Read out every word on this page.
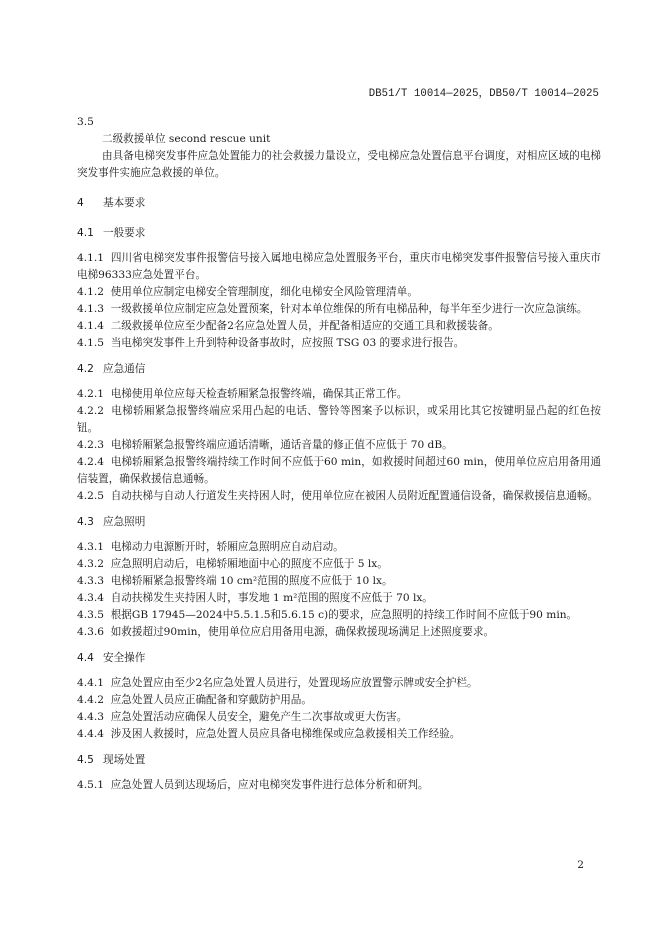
DB51/T 10014—2025，DB50/T 10014—2025
3.5
二级救援单位 second rescue unit
由具备电梯突发事件应急处置能力的社会救援力量设立，受电梯应急处置信息平台调度，对相应区域的电梯突发事件实施应急救援的单位。
4 基本要求
4.1 一般要求
4.1.1 四川省电梯突发事件报警信号接入属地电梯应急处置服务平台，重庆市电梯突发事件报警信号接入重庆市电梯96333应急处置平台。
4.1.2 使用单位应制定电梯安全管理制度，细化电梯安全风险管理清单。
4.1.3 一级救援单位应制定应急处置预案，针对本单位维保的所有电梯品种，每半年至少进行一次应急演练。
4.1.4 二级救援单位应至少配备2名应急处置人员，并配备相适应的交通工具和救援装备。
4.1.5 当电梯突发事件上升到特种设备事故时，应按照 TSG 03 的要求进行报告。
4.2 应急通信
4.2.1 电梯使用单位应每天检查轿厢紧急报警终端，确保其正常工作。
4.2.2 电梯轿厢紧急报警终端应采用凸起的电话、警铃等图案予以标识，或采用比其它按键明显凸起的红色按钮。
4.2.3 电梯轿厢紧急报警终端应通话清晰，通话音量的修正值不应低于 70 dB。
4.2.4 电梯轿厢紧急报警终端持续工作时间不应低于60 min，如救援时间超过60 min，使用单位应启用备用通信装置，确保救援信息通畅。
4.2.5 自动扶梯与自动人行道发生夹持困人时，使用单位应在被困人员附近配置通信设备，确保救援信息通畅。
4.3 应急照明
4.3.1 电梯动力电源断开时，轿厢应急照明应自动启动。
4.3.2 应急照明启动后，电梯轿厢地面中心的照度不应低于 5 lx。
4.3.3 电梯轿厢紧急报警终端 10 cm²范围的照度不应低于 10 lx。
4.3.4 自动扶梯发生夹持困人时，事发地 1 m²范围的照度不应低于 70 lx。
4.3.5 根据GB 17945—2024中5.5.1.5和5.6.15 c)的要求，应急照明的持续工作时间不应低于90 min。
4.3.6 如救援超过90min，使用单位应启用备用电源，确保救援现场满足上述照度要求。
4.4 安全操作
4.4.1 应急处置应由至少2名应急处置人员进行，处置现场应放置警示牌或安全护栏。
4.4.2 应急处置人员应正确配备和穿戴防护用品。
4.4.3 应急处置活动应确保人员安全，避免产生二次事故或更大伤害。
4.4.4 涉及困人救援时，应急处置人员应具备电梯维保或应急救援相关工作经验。
4.5 现场处置
4.5.1 应急处置人员到达现场后，应对电梯突发事件进行总体分析和研判。
2
